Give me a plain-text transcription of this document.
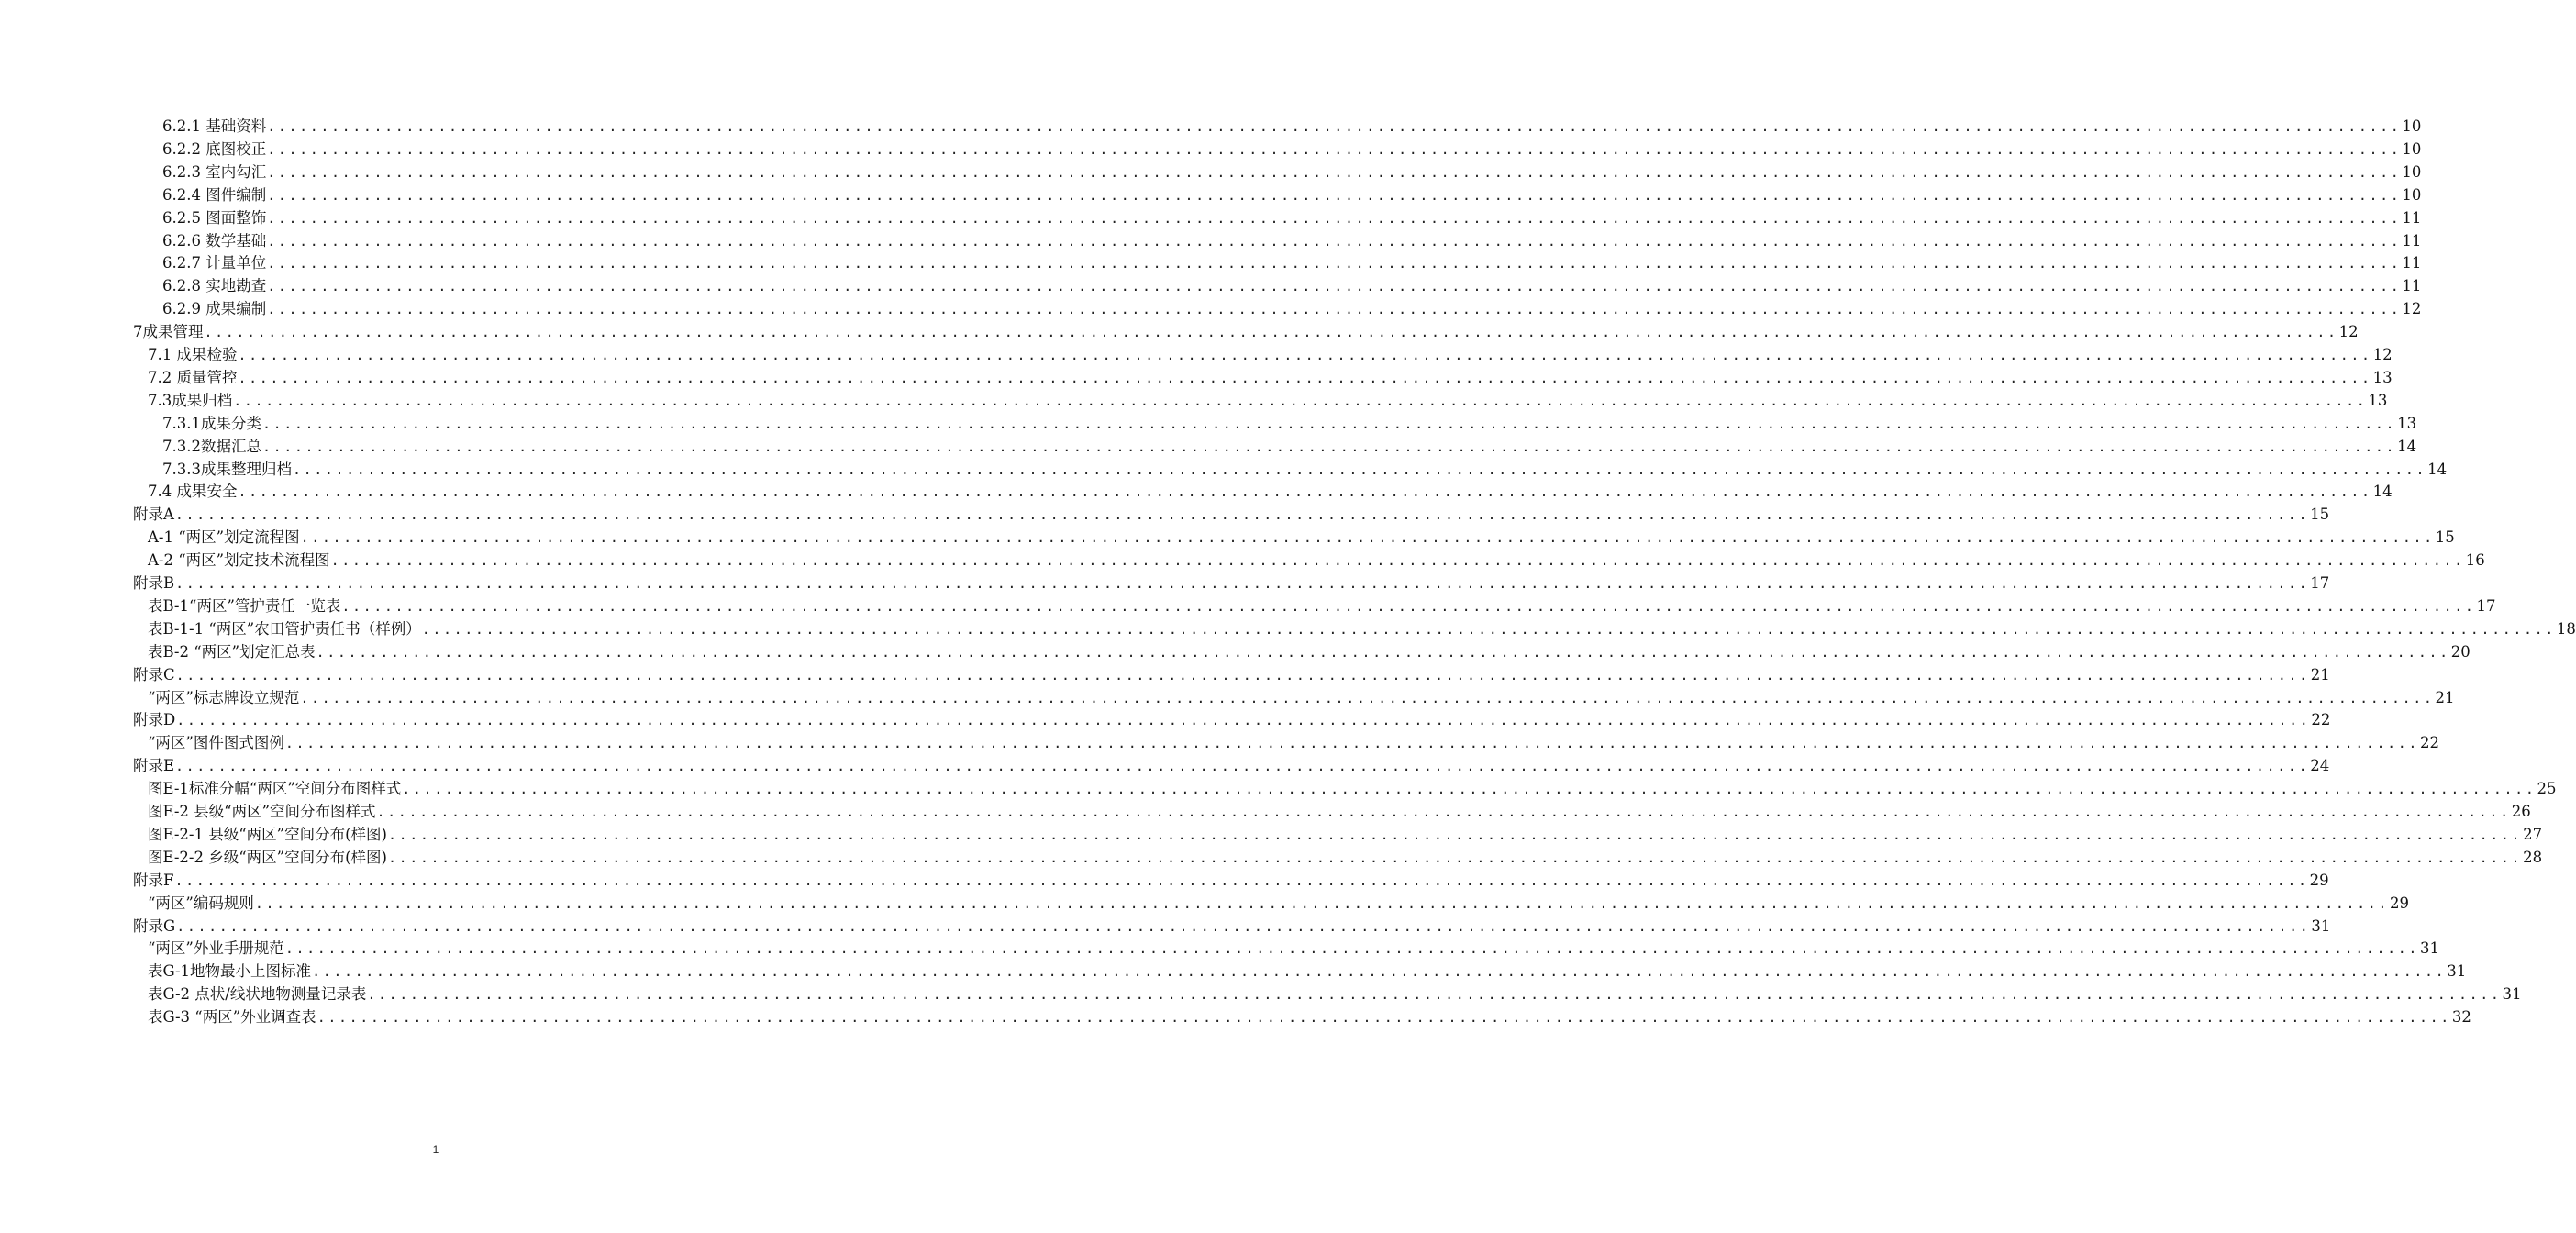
6.2.1 基础资料 ........................................................................................................................................................................................................ 10
6.2.2 底图校正 ........................................................................................................................................................................................................ 10
6.2.3 室内勾汇 ........................................................................................................................................................................................................ 10
6.2.4 图件编制 ........................................................................................................................................................................................................ 10
6.2.5 图面整饰 ........................................................................................................................................................................................................ 11
6.2.6 数学基础 ........................................................................................................................................................................................................ 11
6.2.7 计量单位 ........................................................................................................................................................................................................ 11
6.2.8 实地勘查 ........................................................................................................................................................................................................ 11
6.2.9 成果编制 ........................................................................................................................................................................................................ 12
7成果管理 ........................................................................................................................................................................................................ 12
7.1 成果检验 ........................................................................................................................................................................................................ 12
7.2 质量管控 ........................................................................................................................................................................................................ 13
7.3成果归档 ........................................................................................................................................................................................................ 13
7.3.1成果分类 ........................................................................................................................................................................................................ 13
7.3.2数据汇总 ........................................................................................................................................................................................................ 14
7.3.3成果整理归档 ........................................................................................................................................................................................................ 14
7.4 成果安全 ........................................................................................................................................................................................................ 14
附录A ........................................................................................................................................................................................................ 15
A-1 “两区”划定流程图 ........................................................................................................................................................................................................ 15
A-2 “两区”划定技术流程图 ........................................................................................................................................................................................................ 16
附录B ........................................................................................................................................................................................................ 17
表B-1“两区”管护责任一览表 ........................................................................................................................................................................................................ 17
表B-1-1 “两区”农田管护责任书（样例） ........................................................................................................................................................................................................ 18
表B-2 “两区”划定汇总表 ........................................................................................................................................................................................................ 20
附录C ........................................................................................................................................................................................................ 21
“两区”标志牌设立规范 ........................................................................................................................................................................................................ 21
附录D ........................................................................................................................................................................................................ 22
“两区”图件图式图例 ........................................................................................................................................................................................................ 22
附录E ........................................................................................................................................................................................................ 24
图E-1标准分幅“两区”空间分布图样式 ........................................................................................................................................................................................................ 25
图E-2 县级“两区”空间分布图样式 ........................................................................................................................................................................................................ 26
图E-2-1 县级“两区”空间分布(样图) ........................................................................................................................................................................................................ 27
图E-2-2 乡级“两区”空间分布(样图) ........................................................................................................................................................................................................ 28
附录F ........................................................................................................................................................................................................ 29
“两区”编码规则 ........................................................................................................................................................................................................ 29
附录G ........................................................................................................................................................................................................ 31
“两区”外业手册规范 ........................................................................................................................................................................................................ 31
表G-1地物最小上图标准 ........................................................................................................................................................................................................ 31
表G-2 点状/线状地物测量记录表 ........................................................................................................................................................................................................ 31
表G-3 “两区”外业调查表 ........................................................................................................................................................................................................ 32
1
